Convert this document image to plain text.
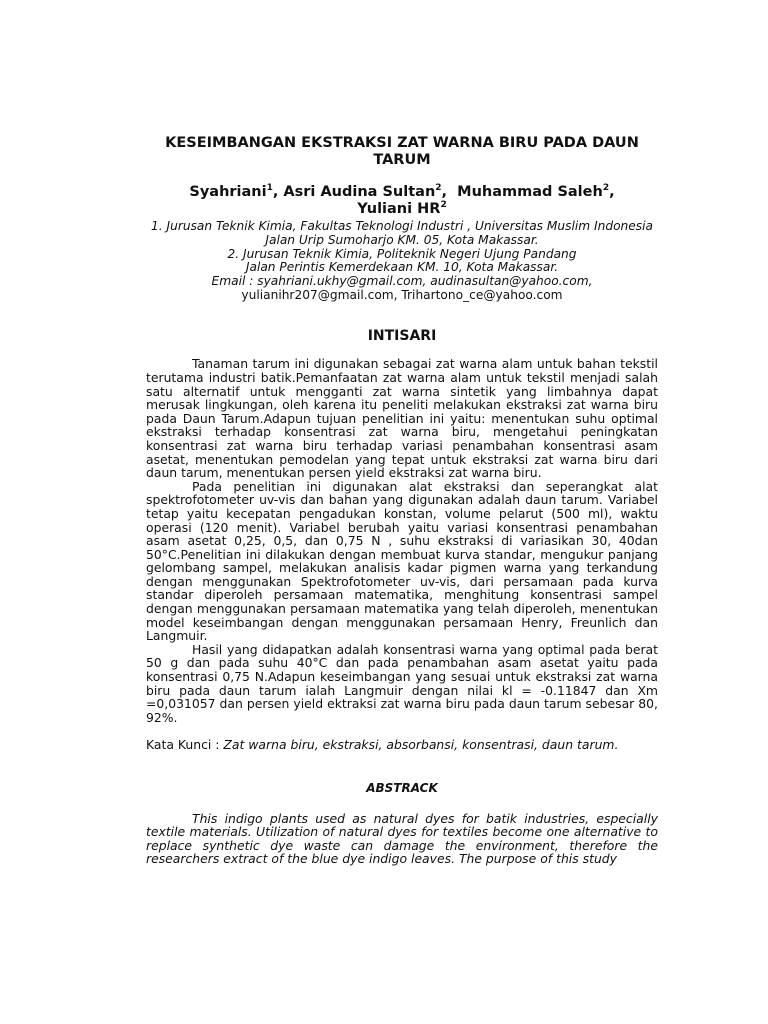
KESEIMBANGAN EKSTRAKSI ZAT WARNA BIRU PADA DAUN TARUM
Syahriani$^1$, Asri Audina Sultan$^2$,  Muhammad Saleh$^2$,
Yuliani $HR^2$
1. Jurusan Teknik Kimia, Fakultas Teknologi Industri , Universitas Muslim Indonesia
Jalan Urip Sumoharjo KM. 05, Kota Makassar.
2. Jurusan Teknik Kimia, Politeknik Negeri Ujung Pandang
Jalan Perintis Kemerdekaan KM. 10, Kota Makassar.
Email : syahriani.ukhy@gmail.com, audinasultan@yahoo.com,
yulianihr207@gmail.com, Trihartono_ce@yahoo.com
INTISARI

Tanaman tarum ini digunakan sebagai zat warna alam untuk bahan tekstil terutama industri batik.Pemanfaatan zat warna alam untuk tekstil menjadi salah satu alternatif untuk mengganti zat warna sintetik yang limbahnya dapat merusak lingkungan, oleh karena itu peneliti melakukan ekstraksi zat warna biru pada Daun Tarum.Adapun tujuan penelitian ini yaitu: menentukan suhu optimal ekstraksi terhadap konsentrasi zat warna biru, mengetahui peningkatan konsentrasi zat warna biru terhadap variasi penambahan konsentrasi asam asetat, menentukan pemodelan yang tepat untuk ekstraksi zat warna biru dari daun tarum, menentukan persen yield ekstraksi zat warna biru.

Pada penelitian ini digunakan alat ekstraksi dan seperangkat alat spektrofotometer uv-vis dan bahan yang digunakan adalah daun tarum. Variabel tetap yaitu kecepatan pengadukan konstan, volume pelarut (500 ml), waktu operasi (120 menit). Variabel berubah yaitu variasi konsentrasi penambahan asam asetat 0,25, 0,5, dan 0,75 N , suhu ekstraksi di variasikan 30, 40dan 50°C.Penelitian ini dilakukan dengan membuat kurva standar, mengukur panjang gelombang sampel, melakukan analisis kadar pigmen warna yang terkandung dengan menggunakan Spektrofotometer uv-vis, dari persamaan pada kurva standar diperoleh persamaan matematika, menghitung konsentrasi sampel dengan menggunakan persamaan matematika yang telah diperoleh, menentukan model keseimbangan dengan menggunakan persamaan Henry, Freunlich dan Langmuir.

Hasil yang didapatkan adalah konsentrasi warna yang optimal pada berat 50 g dan pada suhu 40°C dan pada penambahan asam asetat yaitu pada konsentrasi 0,75 N.Adapun keseimbangan yang sesuai untuk ekstraksi zat warna biru pada daun tarum ialah Langmuir dengan nilai kl = -0.11847 dan Xm =0,031057 dan persen yield ektraksi zat warna biru pada daun tarum sebesar 80, 92%.

Kata Kunci : Zat warna biru, ekstraksi, absorbansi, konsentrasi, daun tarum.
ABSTRACK

This indigo plants used as natural dyes for batik industries, especially textile materials. Utilization of natural dyes for textiles become one alternative to replace synthetic dye waste can damage the environment, therefore the researchers extract of the blue dye indigo leaves. The purpose of this study
